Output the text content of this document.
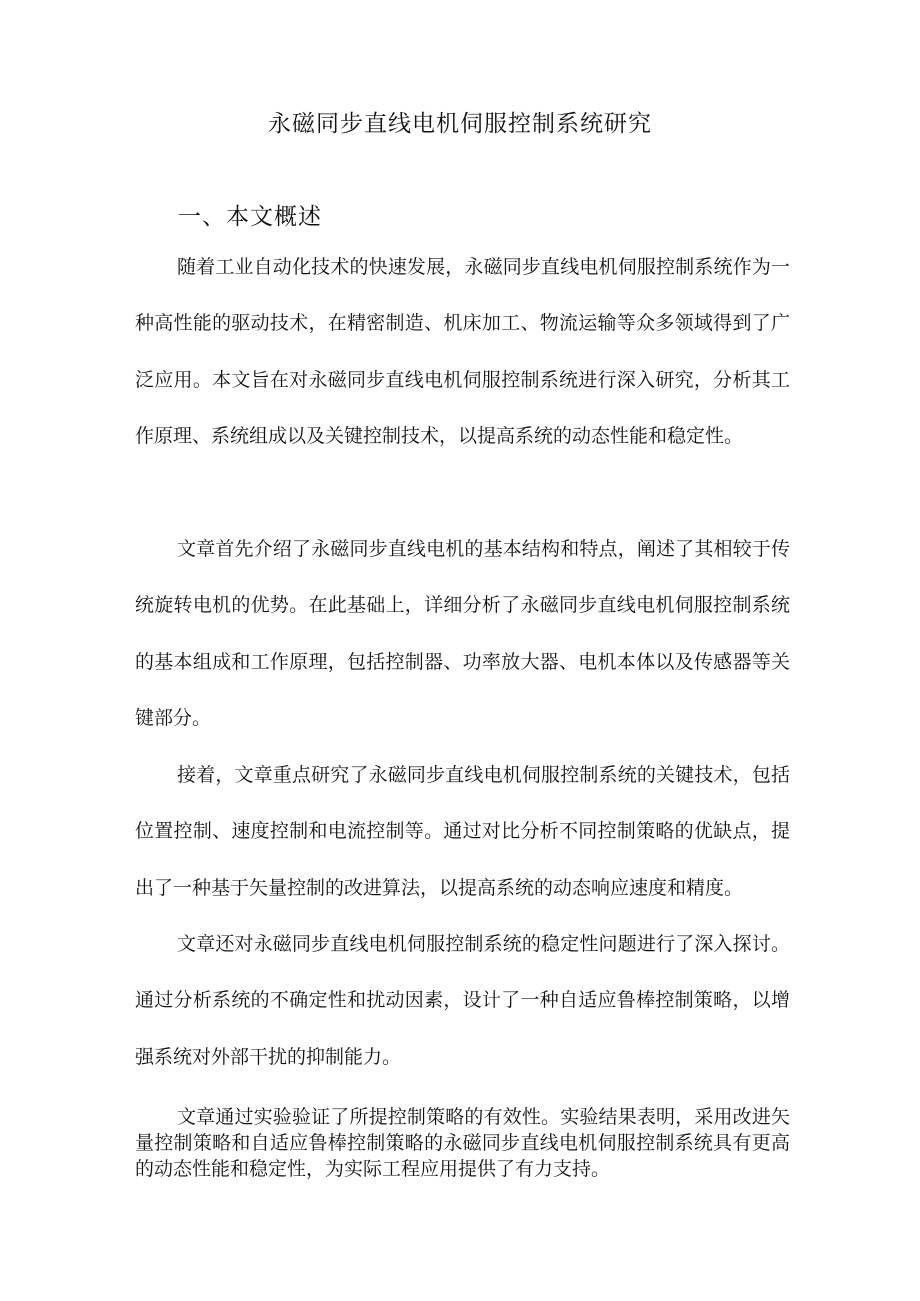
永磁同步直线电机伺服控制系统研究
一、本文概述

随着工业自动化技术的快速发展，永磁同步直线电机伺服控制系统作为一种高性能的驱动技术，在精密制造、机床加工、物流运输等众多领域得到了广泛应用。本文旨在对永磁同步直线电机伺服控制系统进行深入研究，分析其工作原理、系统组成以及关键控制技术，以提高系统的动态性能和稳定性。

文章首先介绍了永磁同步直线电机的基本结构和特点，阐述了其相较于传统旋转电机的优势。在此基础上，详细分析了永磁同步直线电机伺服控制系统的基本组成和工作原理，包括控制器、功率放大器、电机本体以及传感器等关键部分。

接着，文章重点研究了永磁同步直线电机伺服控制系统的关键技术，包括位置控制、速度控制和电流控制等。通过对比分析不同控制策略的优缺点，提出了一种基于矢量控制的改进算法，以提高系统的动态响应速度和精度。

文章还对永磁同步直线电机伺服控制系统的稳定性问题进行了深入探讨。通过分析系统的不确定性和扰动因素，设计了一种自适应鲁棒控制策略，以增强系统对外部干扰的抑制能力。

文章通过实验验证了所提控制策略的有效性。实验结果表明，采用改进矢量控制策略和自适应鲁棒控制策略的永磁同步直线电机伺服控制系统具有更高的动态性能和稳定性，为实际工程应用提供了有力支持。
